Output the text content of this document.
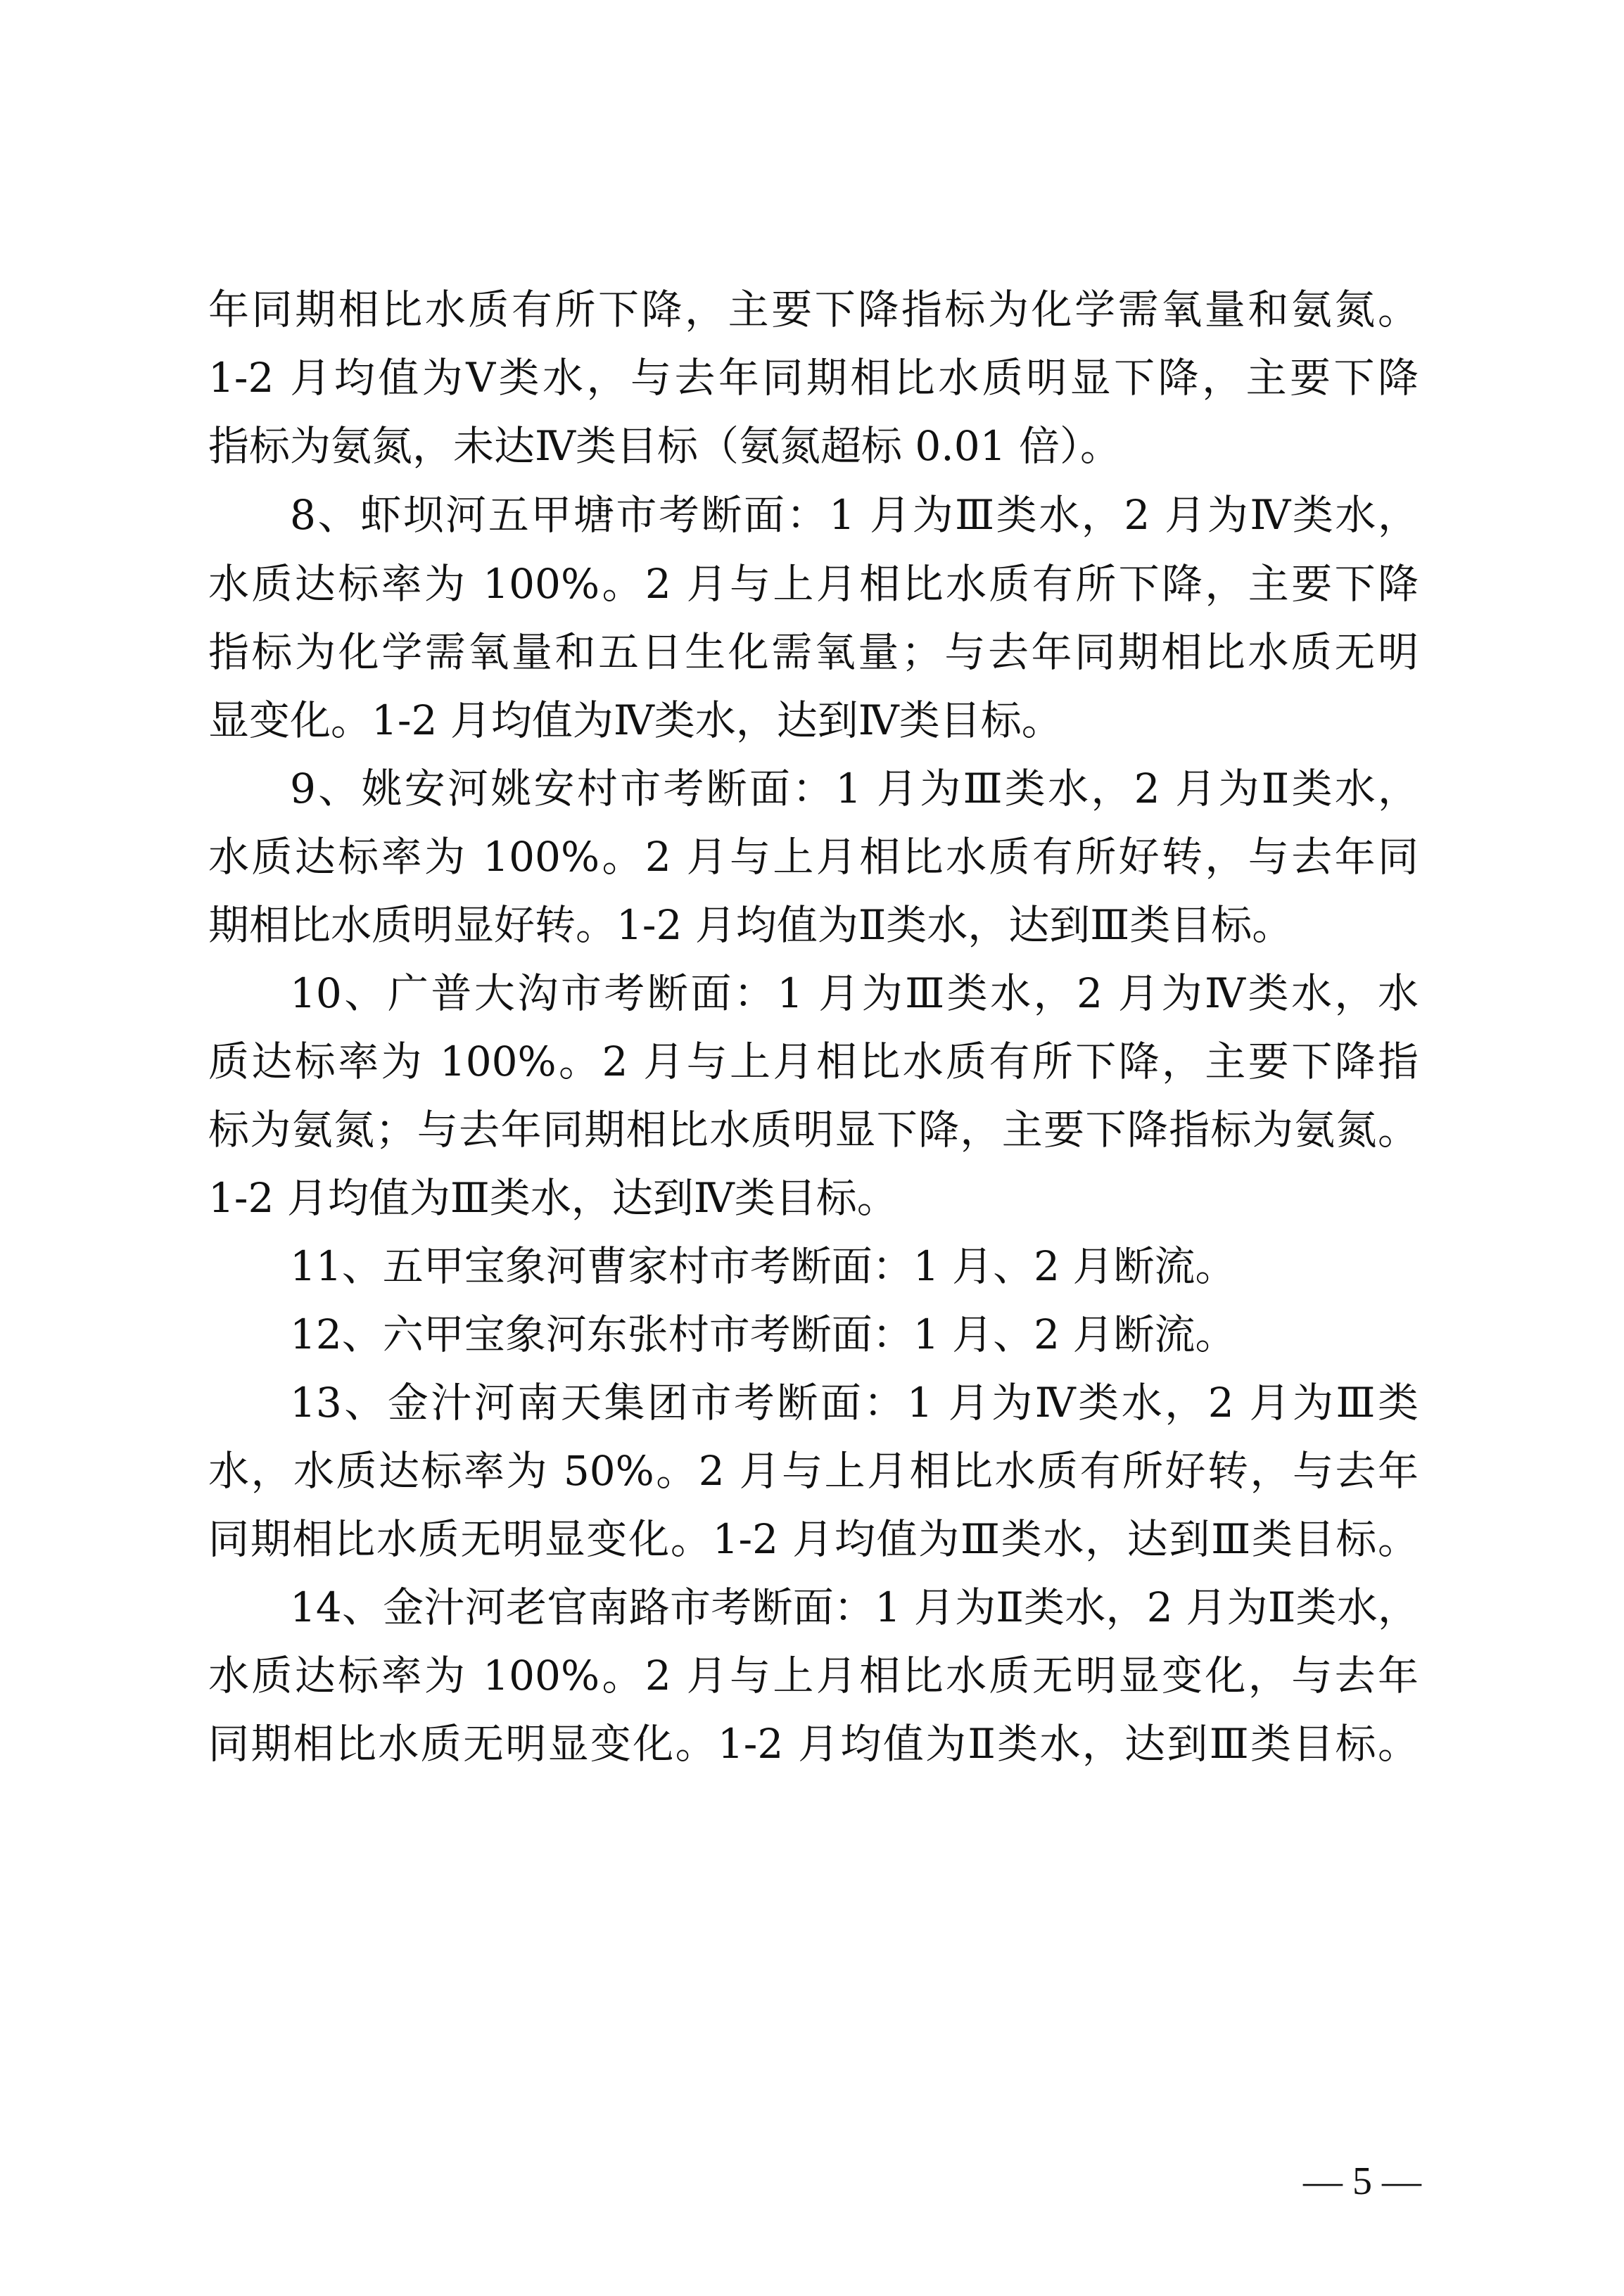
年同期相比水质有所下降，主要下降指标为化学需氧量和氨氮。
1-2 月均值为Ⅴ类水，与去年同期相比水质明显下降，主要下降
指标为氨氮，未达Ⅳ类目标（氨氮超标 0.01 倍）。
8、虾坝河五甲塘市考断面：1 月为Ⅲ类水，2 月为Ⅳ类水，
水质达标率为 100%。2 月与上月相比水质有所下降，主要下降
指标为化学需氧量和五日生化需氧量；与去年同期相比水质无明
显变化。1-2 月均值为Ⅳ类水，达到Ⅳ类目标。
9、姚安河姚安村市考断面：1 月为Ⅲ类水，2 月为Ⅱ类水，
水质达标率为 100%。2 月与上月相比水质有所好转，与去年同
期相比水质明显好转。1-2 月均值为Ⅱ类水，达到Ⅲ类目标。
10、广普大沟市考断面：1 月为Ⅲ类水，2 月为Ⅳ类水，水
质达标率为 100%。2 月与上月相比水质有所下降，主要下降指
标为氨氮；与去年同期相比水质明显下降，主要下降指标为氨氮。
1-2 月均值为Ⅲ类水，达到Ⅳ类目标。
11、五甲宝象河曹家村市考断面：1 月、2 月断流。
12、六甲宝象河东张村市考断面：1 月、2 月断流。
13、金汁河南天集团市考断面：1 月为Ⅳ类水，2 月为Ⅲ类
水，水质达标率为 50%。2 月与上月相比水质有所好转，与去年
同期相比水质无明显变化。1-2 月均值为Ⅲ类水，达到Ⅲ类目标。
14、金汁河老官南路市考断面：1 月为Ⅱ类水，2 月为Ⅱ类水，
水质达标率为 100%。2 月与上月相比水质无明显变化，与去年
同期相比水质无明显变化。1-2 月均值为Ⅱ类水，达到Ⅲ类目标。
— 5 —
